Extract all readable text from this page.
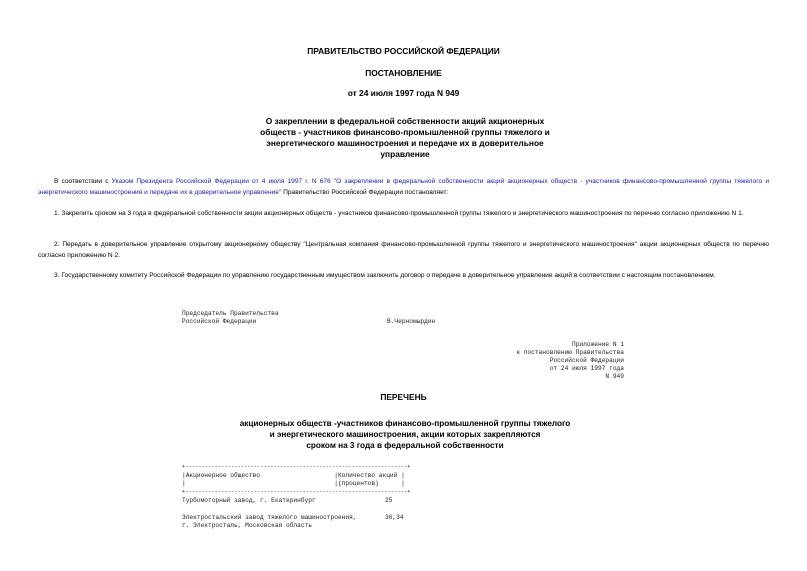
ПРАВИТЕЛЬСТВО РОССИЙСКОЙ ФЕДЕРАЦИИ
ПОСТАНОВЛЕНИЕ
от 24 июля 1997 года N 949
О закреплении в федеральной собственности акций акционерных
обществ - участников финансово-промышленной группы тяжелого и
энергетического машиностроения и передаче их в доверительное
управление
В соответствии с Указом Президента Российской Федерации от 4 июля 1997 г. N 676 "О закреплении в федеральной собственности акций акционерных обществ - участников финансово-промышленной группы тяжелого и энергетического машиностроения и передаче их в доверительное управление" Правительство Российской Федерации постановляет:
1. Закрепить сроком на 3 года в федеральной собственности акции акционерных обществ - участников финансово-промышленной группы тяжелого и энергетического машиностроения по перечню согласно приложению N 1.
2. Передать в доверительное управление открытому акционерному обществу "Центральная компания финансово-промышленной группы тяжелого и энергетического машиностроения" акции акционерных обществ по перечню согласно приложению N 2.
3. Государственному комитету Российской Федерации по управлению государственным имуществом заключить договор о передаче в доверительное управление акций в соответствии с настоящим постановлением.
Председатель Правительства
Российской Федерации	В.Черномырдин
Приложение N 1
к постановлению Правительства
Российской Федерации
от 24 июля 1997 года
N 949
ПЕРЕЧЕНЬ
акционерных обществ -участников финансово-промышленной группы тяжелого
и энергетического машиностроения, акции которых закрепляются
сроком на 3 года в федеральной собственности
+--------------------------------------------------------------------+
|Акционерное общество                    |Количество акций |
|                                        |(процентов)      |
+--------------------------------------------------------------------+
Турбомоторный завод, г. Екатеринбург	25
Электростальский завод тяжелого машиностроения,
г. Электросталь, Московская область
36,34
